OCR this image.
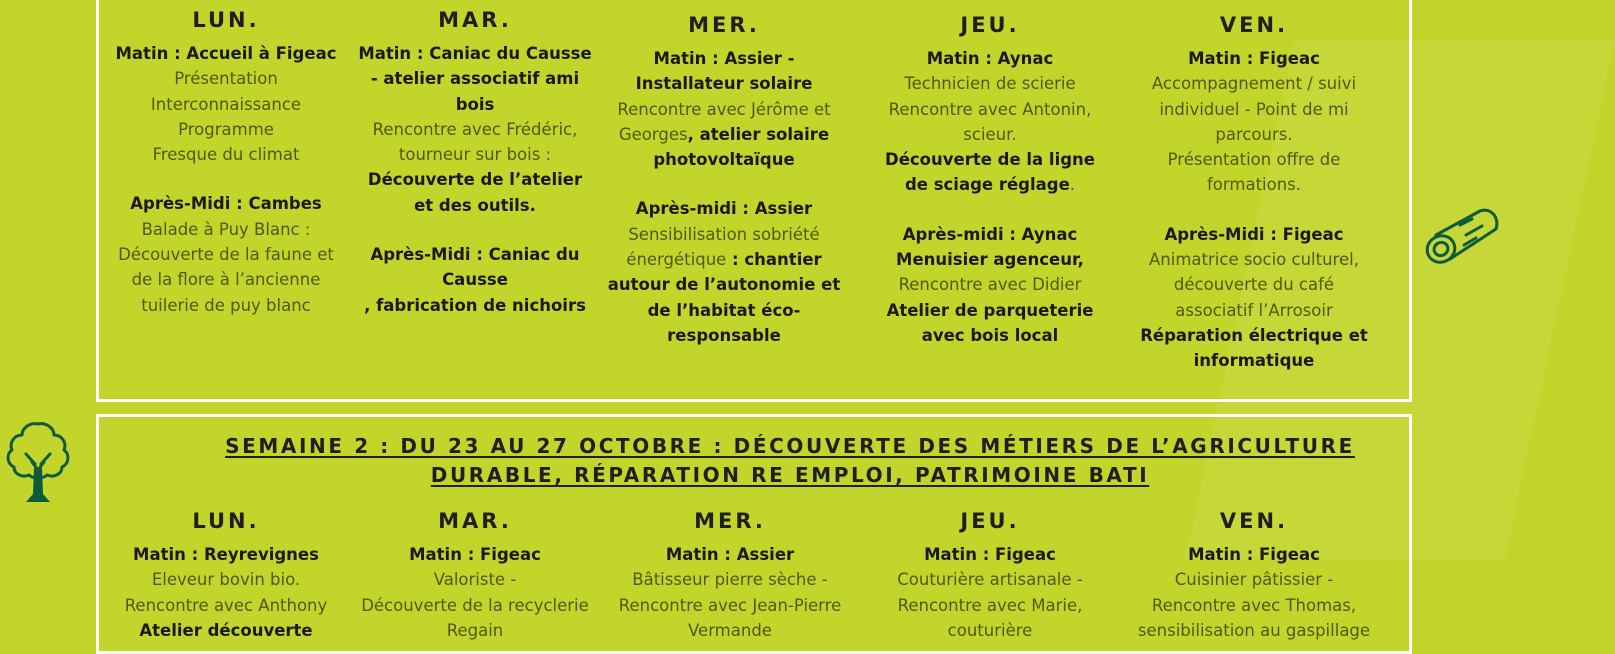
LUN.
Matin : Accueil à Figeac
Présentation
Interconnaissance
Programme
Fresque du climat
Après-Midi : Cambes
Balade à Puy Blanc : Découverte de la faune et de la flore à l’ancienne tuilerie de puy blanc
MAR.
Matin : Caniac du Causse - atelier associatif ami bois
Rencontre avec Frédéric, tourneur sur bois : Découverte de l’atelier et des outils.
Après-Midi : Caniac du Causse
, fabrication de nichoirs
MER.
Matin : Assier - Installateur solaire
Rencontre avec Jérôme et Georges, atelier solaire photovoltaïque
Après-midi : Assier
Sensibilisation sobriété énergétique : chantier autour de l’autonomie et de l’habitat éco-responsable
JEU.
Matin : Aynac
Technicien de scierie
Rencontre avec Antonin, scieur.
Découverte de la ligne de sciage réglage.
Après-midi : Aynac
Menuisier agenceur,
Rencontre avec Didier
Atelier de parqueterie avec bois local
VEN.
Matin : Figeac
Accompagnement / suivi individuel - Point de mi parcours.
Présentation offre de formations.
Après-Midi : Figeac
Animatrice socio culturel, découverte du café associatif l’Arrosoir
Réparation électrique et informatique
SEMAINE 2 : DU 23 AU 27 OCTOBRE : DÉCOUVERTE DES MÉTIERS DE L’AGRICULTURE
DURABLE, RÉPARATION RE EMPLOI, PATRIMOINE BATI
LUN.
Matin : Reyrevignes
Eleveur bovin bio.
Rencontre avec Anthony
Atelier découverte
MAR.
Matin : Figeac
Valoriste -
Découverte de la recyclerie Regain
MER.
Matin : Assier
Bâtisseur pierre sèche -
Rencontre avec Jean-Pierre Vermande
JEU.
Matin : Figeac
Couturière artisanale -
Rencontre avec Marie, couturière
VEN.
Matin : Figeac
Cuisinier pâtissier -
Rencontre avec Thomas,
sensibilisation au gaspillage
